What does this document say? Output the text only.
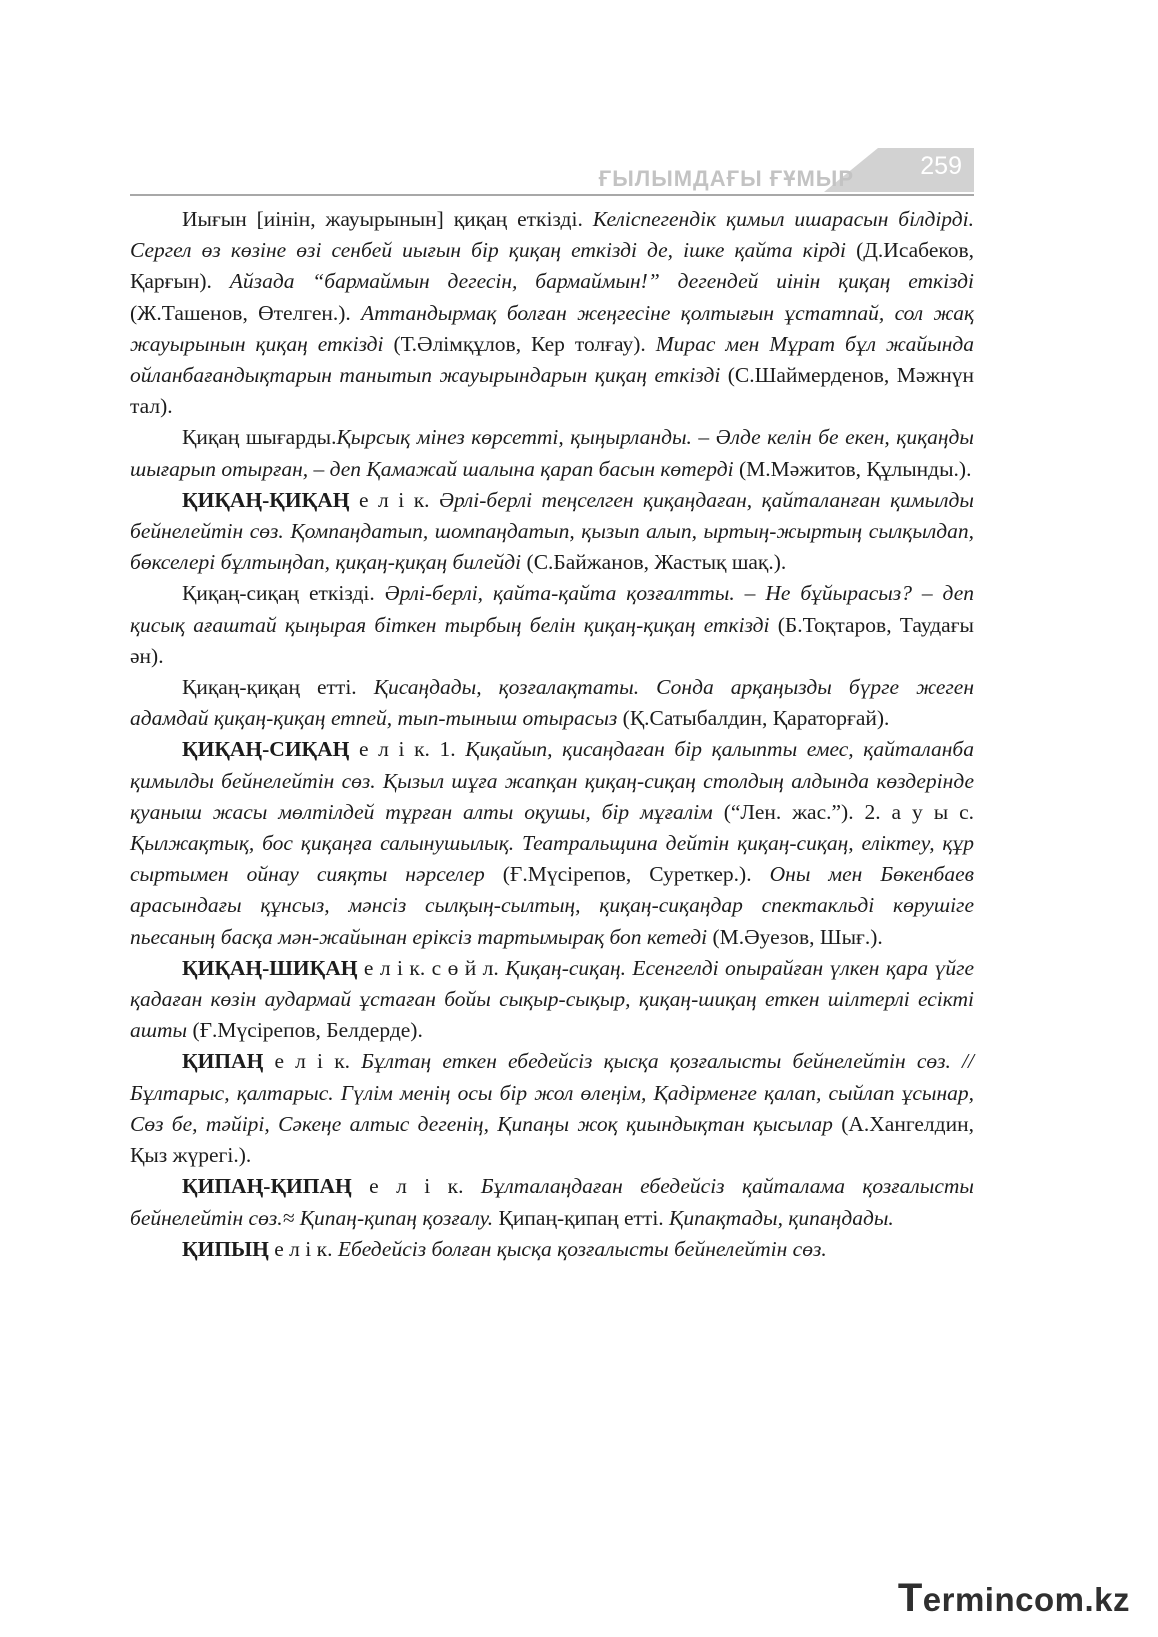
ҒЫЛЫМДАҒЫ ҒҰМЫР	259

Иығын [иінін, жауырынын] қиқаң еткізді. Келіспегендік қимыл ишарасын білдірді. Сергел өз көзіне өзі сенбей иығын бір қиқаң еткізді де, ішке қайта кірді (Д.Исабеков, Қарғын). Айзада “бармаймын дегесін, бармаймын!” дегендей иінін қиқаң еткізді (Ж.Ташенов, Өтелген.). Аттандырмақ болған жеңгесіне қолтығын ұстатпай, сол жақ жауырынын қиқаң еткізді (Т.Әлімқұлов, Кер толғау). Мирас мен Мұрат бұл жайында ойланбағандықтарын танытып жауырындарын қиқаң еткізді (С.Шаймерденов, Мәжнүн тал).

Қиқаң шығарды.Қырсық мінез көрсетті, қыңырланды. – Әлде келін бе екен, қиқаңды шығарып отырған, – деп Қамажай шалына қарап басын көтерді (М.Мәжитов, Құлынды.).

ҚИҚАҢ-ҚИҚАҢ е л і к. Әрлі-берлі теңселген қиқаңдаған, қайталанған қимылды бейнелейтін сөз. Қомпаңдатып, шомпаңдатып, қызып алып, ыртың-жыртың сылқылдап, бөкселері бұлтыңдап, қиқаң-қиқаң билейді (С.Байжанов, Жастық шақ.).

Қиқаң-сиқаң еткізді. Әрлі-берлі, қайта-қайта қозғалтты. – Не бұйырасыз? – деп қисық ағаштай қыңырая біткен тырбың белін қиқаң-қиқаң еткізді (Б.Тоқтаров, Таудағы ән).

Қиқаң-қиқаң етті. Қисаңдады, қозғалақтаты. Сонда арқаңызды бүрге жеген адамдай қиқаң-қиқаң етпей, тып-тыныш отырасыз (Қ.Сатыбалдин, Қараторғай).

ҚИҚАҢ-СИҚАҢ е л і к. 1. Қиқайып, қисаңдаған бір қалыпты емес, қайталанба қимылды бейнелейтін сөз. Қызыл шұға жапқан қиқаң-сиқаң столдың алдында көздерінде қуаныш жасы мөлтілдей тұрған алты оқушы, бір мұғалім (“Лен. жас.”). 2. а у ы с. Қылжақтық, бос қиқаңға салынушылық. Театральщина дейтін қиқаң-сиқаң, еліктеу, құр сыртымен ойнау сияқты нәрселер (Ғ.Мүсірепов, Суреткер.). Оны мен Бөкенбаев арасындағы құнсыз, мәнсіз сылқың-сылтың, қиқаң-сиқаңдар спектакльді көрушіге пьесаның басқа мән-жайынан еріксіз тартымырақ боп кетеді (М.Әуезов, Шығ.).

ҚИҚАҢ-ШИҚАҢ е л і к. с ө й л. Қиқаң-сиқаң. Есенгелді опырайған үлкен қара үйге қадаған көзін аудармай ұстаған бойы сықыр-сықыр, қиқаң-шиқаң еткен шілтерлі есікті ашты (Ғ.Мүсірепов, Белдерде).

ҚИПАҢ е л і к. Бұлтаң еткен ебедейсіз қысқа қозғалысты бейнелейтін сөз. // Бұлтарыс, қалтарыс. Гүлім менің осы бір жол өлеңім, Қадірменге қалап, сыйлап ұсынар, Сөз бе, тәйірі, Сәкеңе алтыс дегенің, Қипаңы жоқ қиындықтан қысылар (А.Хангелдин, Қыз жүрегі.).

ҚИПАҢ-ҚИПАҢ е л і к. Бұлталаңдаған ебедейсіз қайталама қозғалысты бейнелейтін сөз.≈ Қипаң-қипаң қозғалу. Қипаң-қипаң етті. Қипақтады, қипаңдады.

ҚИПЫҢ е л і к. Ебедейсіз болған қысқа қозғалысты бейнелейтін сөз.

Termincom.kz
